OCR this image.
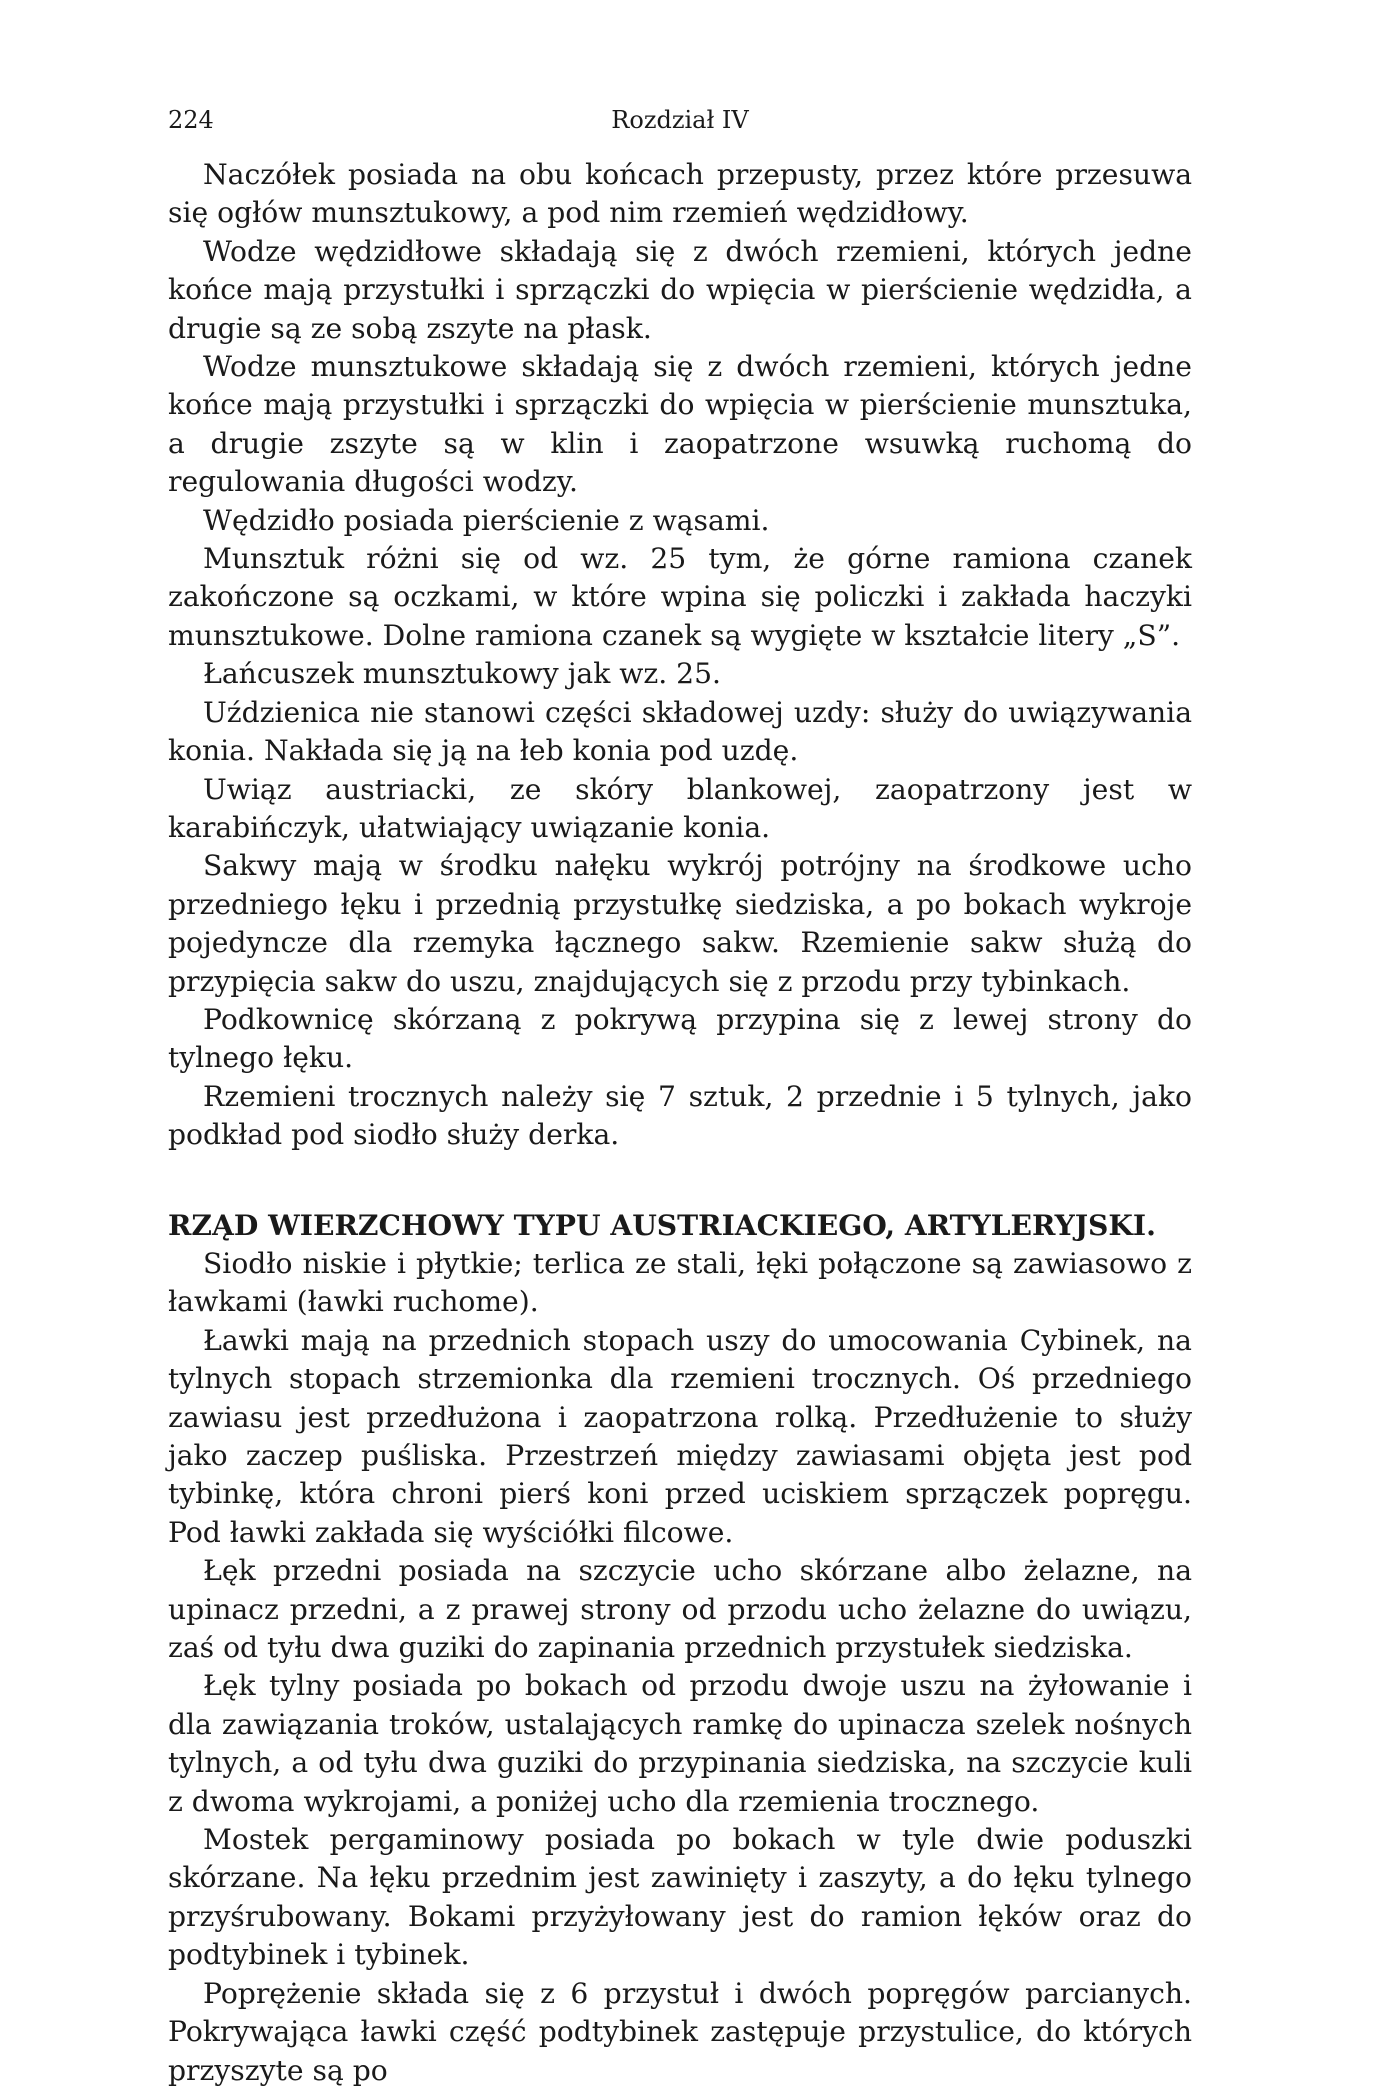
224	Rozdział IV

Naczółek posiada na obu końcach przepusty, przez które przesuwa się ogłów munsztukowy, a pod nim rzemień wędzidłowy.

Wodze wędzidłowe składają się z dwóch rzemieni, których jedne końce mają przystułki i sprzączki do wpięcia w pierścienie wędzidła, a drugie są ze sobą zszyte na płask.

Wodze munsztukowe składają się z dwóch rzemieni, których jedne końce mają przystułki i sprzączki do wpięcia w pierścienie munsztuka, a drugie zszyte są w klin i zaopatrzone wsuwką ruchomą do regulowania długości wodzy.

Wędzidło posiada pierścienie z wąsami.

Munsztuk różni się od wz. 25 tym, że górne ramiona czanek zakończone są oczkami, w które wpina się policzki i zakłada haczyki munsztukowe. Dolne ramiona czanek są wygięte w kształcie litery „S”.

Łańcuszek munsztukowy jak wz. 25.

Uździenica nie stanowi części składowej uzdy: służy do uwiązywania konia. Nakłada się ją na łeb konia pod uzdę.

Uwiąz austriacki, ze skóry blankowej, zaopatrzony jest w karabińczyk, ułatwiający uwiązanie konia.

Sakwy mają w środku nałęku wykrój potrójny na środkowe ucho przedniego łęku i przednią przystułkę siedziska, a po bokach wykroje pojedyncze dla rzemyka łącznego sakw. Rzemienie sakw służą do przypięcia sakw do uszu, znajdujących się z przodu przy tybinkach.

Podkownicę skórzaną z pokrywą przypina się z lewej strony do tylnego łęku.

Rzemieni trocznych należy się 7 sztuk, 2 przednie i 5 tylnych, jako podkład pod siodło służy derka.

RZĄD WIERZCHOWY TYPU AUSTRIACKIEGO, ARTYLERYJSKI.

Siodło niskie i płytkie; terlica ze stali, łęki połączone są zawiasowo z ławkami (ławki ruchome).

Ławki mają na przednich stopach uszy do umocowania Cybinek, na tylnych stopach strzemionka dla rzemieni trocznych. Oś przedniego zawiasu jest przedłużona i zaopatrzona rolką. Przedłużenie to służy jako zaczep puśliska. Przestrzeń między zawiasami objęta jest pod tybinkę, która chroni pierś koni przed uciskiem sprzączek popręgu. Pod ławki zakłada się wyściółki filcowe.

Łęk przedni posiada na szczycie ucho skórzane albo żelazne, na upinacz przedni, a z prawej strony od przodu ucho żelazne do uwiązu, zaś od tyłu dwa guziki do zapinania przednich przystułek siedziska.

Łęk tylny posiada po bokach od przodu dwoje uszu na żyłowanie i dla zawiązania troków, ustalających ramkę do upinacza szelek nośnych tylnych, a od tyłu dwa guziki do przypinania siedziska, na szczycie kuli z dwoma wykrojami, a poniżej ucho dla rzemienia trocznego.

Mostek pergaminowy posiada po bokach w tyle dwie poduszki skórzane. Na łęku przednim jest zawinięty i zaszyty, a do łęku tylnego przyśrubowany. Bokami przyżyłowany jest do ramion łęków oraz do podtybinek i tybinek.

Poprężenie składa się z 6 przystuł i dwóch popręgów parcianych. Pokrywająca ławki część podtybinek zastępuje przystulice, do których przyszyte są po
